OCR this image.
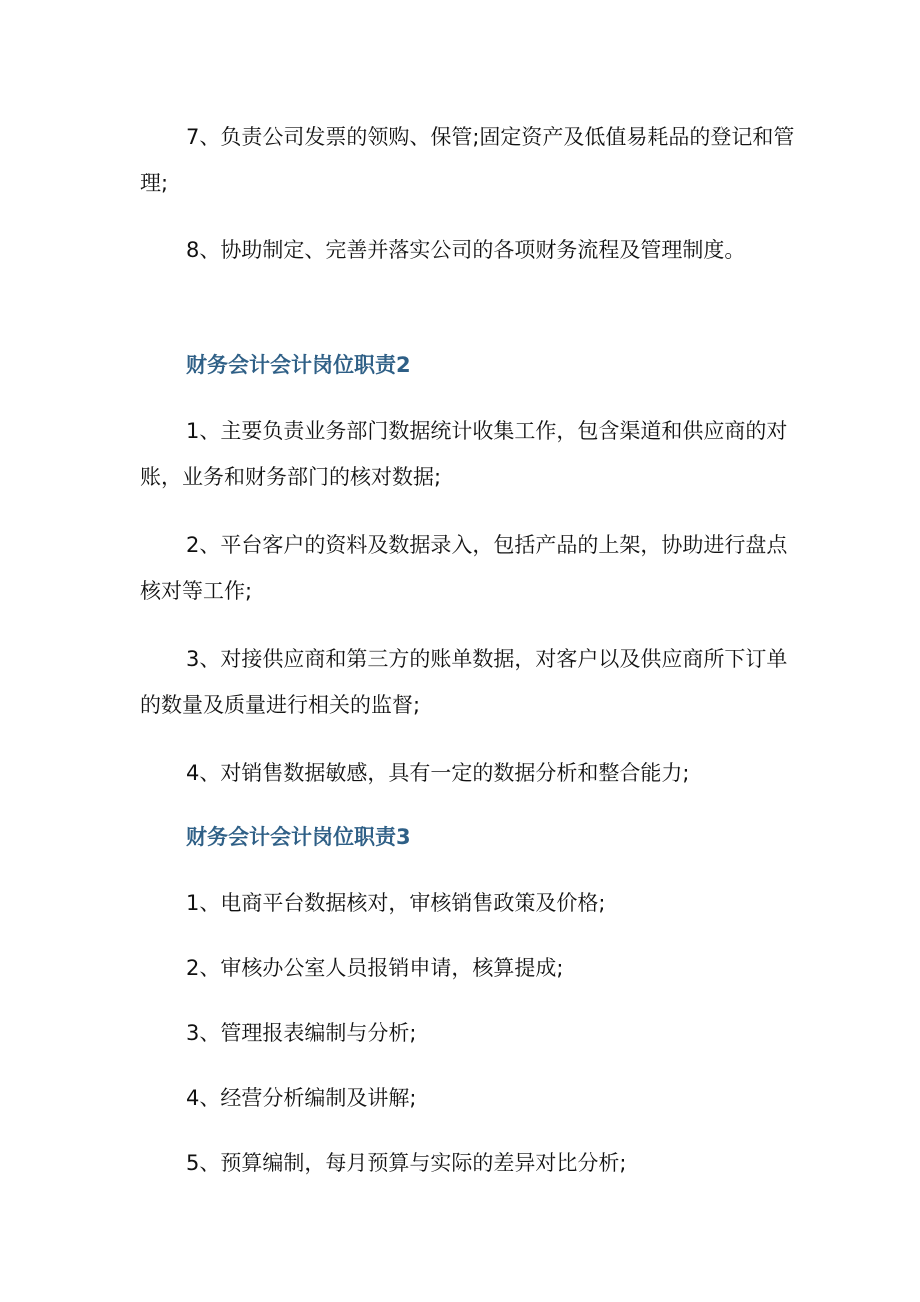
7、负责公司发票的领购、保管;固定资产及低值易耗品的登记和管理;

8、协助制定、完善并落实公司的各项财务流程及管理制度。

财务会计会计岗位职责2

1、主要负责业务部门数据统计收集工作，包含渠道和供应商的对账，业务和财务部门的核对数据;

2、平台客户的资料及数据录入，包括产品的上架，协助进行盘点核对等工作;

3、对接供应商和第三方的账单数据，对客户以及供应商所下订单的数量及质量进行相关的监督;

4、对销售数据敏感，具有一定的数据分析和整合能力;

财务会计会计岗位职责3

1、电商平台数据核对，审核销售政策及价格;

2、审核办公室人员报销申请，核算提成;

3、管理报表编制与分析;

4、经营分析编制及讲解;

5、预算编制，每月预算与实际的差异对比分析;
